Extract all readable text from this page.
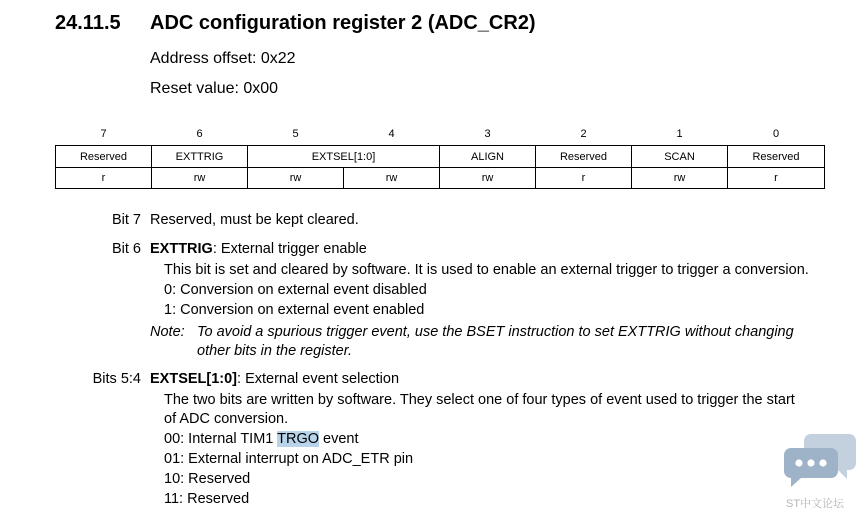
24.11.5 ADC configuration register 2 (ADC_CR2)
Address offset: 0x22
Reset value: 0x00
7	6	5	4	3	2	1	0
Reserved	EXTTRIG	EXTSEL[1:0]		ALIGN	Reserved	SCAN	Reserved
r	rw	rw	rw	rw	r	rw	r
Bit 7 Reserved, must be kept cleared.
Bit 6 EXTTRIG: External trigger enable
This bit is set and cleared by software. It is used to enable an external trigger to trigger a conversion.
0: Conversion on external event disabled
1: Conversion on external event enabled
Note: To avoid a spurious trigger event, use the BSET instruction to set EXTTRIG without changing
other bits in the register.
Bits 5:4 EXTSEL[1:0]: External event selection
The two bits are written by software. They select one of four types of event used to trigger the start
of ADC conversion.
00: Internal TIM1 TRGO event
01: External interrupt on ADC_ETR pin
10: Reserved
11: Reserved	ST中文论坛
